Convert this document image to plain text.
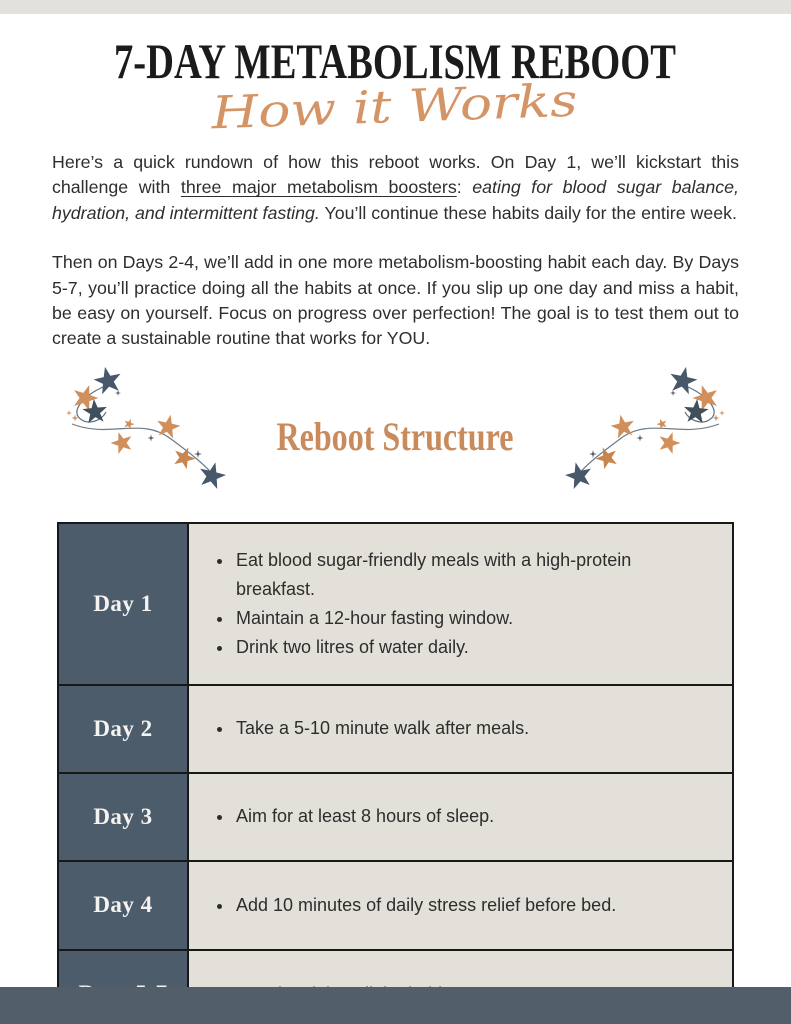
7-DAY METABOLISM REBOOT
How it Works

Here’s a quick rundown of how this reboot works. On Day 1, we’ll kickstart this challenge with three major metabolism boosters: eating for blood sugar balance, hydration, and intermittent fasting. You’ll continue these habits daily for the entire week.

Then on Days 2-4, we’ll add in one more metabolism-boosting habit each day. By Days 5-7, you’ll practice doing all the habits at once. If you slip up one day and miss a habit, be easy on yourself. Focus on progress over perfection! The goal is to test them out to create a sustainable routine that works for YOU.

Reboot Structure
Day 1	
• Eat blood sugar-friendly meals with a high-protein breakfast.
• Maintain a 12-hour fasting window.
• Drink two litres of water daily.

Day 2	
•Take a 5-10 minute walk after meals.

Day 3	
•Aim for at least 8 hours of sleep.

Day 4	
•Add 10 minutes of daily stress relief before bed.

•
